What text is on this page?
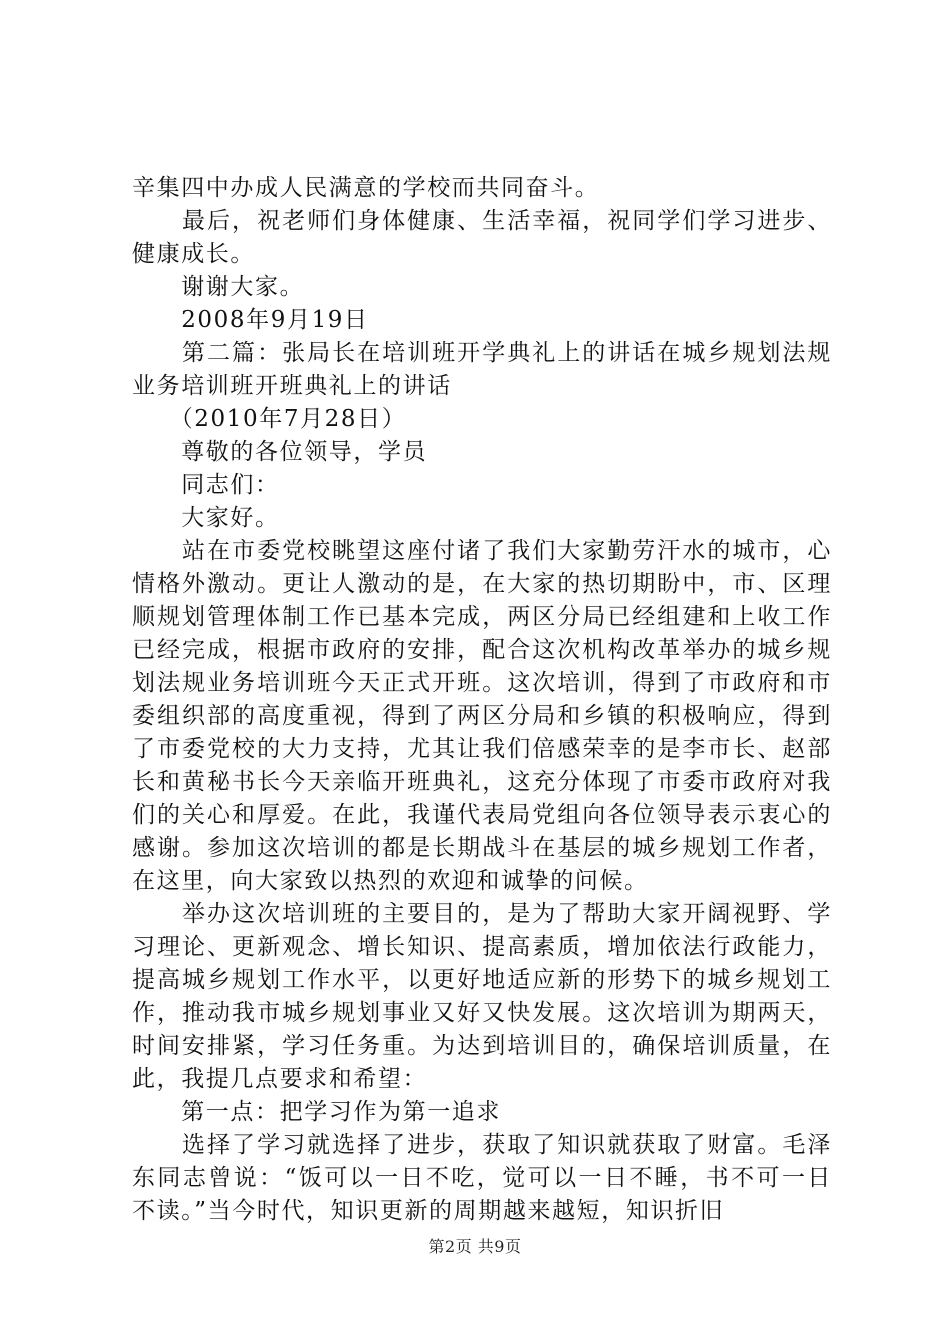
辛集四中办成人民满意的学校而共同奋斗。

　　最后，祝老师们身体健康、生活幸福，祝同学们学习进步、健康成长。

　　谢谢大家。

　　2008年9月19日

　　第二篇：张局长在培训班开学典礼上的讲话在城乡规划法规业务培训班开班典礼上的讲话

　　（2010年7月28日）

　　尊敬的各位领导，学员

　　同志们：

　　大家好。

　　站在市委党校眺望这座付诸了我们大家勤劳汗水的城市，心情格外激动。更让人激动的是，在大家的热切期盼中，市、区理顺规划管理体制工作已基本完成，两区分局已经组建和上收工作已经完成，根据市政府的安排，配合这次机构改革举办的城乡规划法规业务培训班今天正式开班。这次培训，得到了市政府和市委组织部的高度重视，得到了两区分局和乡镇的积极响应，得到了市委党校的大力支持，尤其让我们倍感荣幸的是李市长、赵部长和黄秘书长今天亲临开班典礼，这充分体现了市委市政府对我们的关心和厚爱。在此，我谨代表局党组向各位领导表示衷心的感谢。参加这次培训的都是长期战斗在基层的城乡规划工作者，在这里，向大家致以热烈的欢迎和诚挚的问候。

　　举办这次培训班的主要目的，是为了帮助大家开阔视野、学习理论、更新观念、增长知识、提高素质，增加依法行政能力，提高城乡规划工作水平，以更好地适应新的形势下的城乡规划工作，推动我市城乡规划事业又好又快发展。这次培训为期两天，时间安排紧，学习任务重。为达到培训目的，确保培训质量，在此，我提几点要求和希望：

　　第一点：把学习作为第一追求

　　选择了学习就选择了进步，获取了知识就获取了财富。毛泽东同志曾说：“饭可以一日不吃，觉可以一日不睡，书不可一日不读。”当今时代，知识更新的周期越来越短，知识折旧

第2页 共9页
